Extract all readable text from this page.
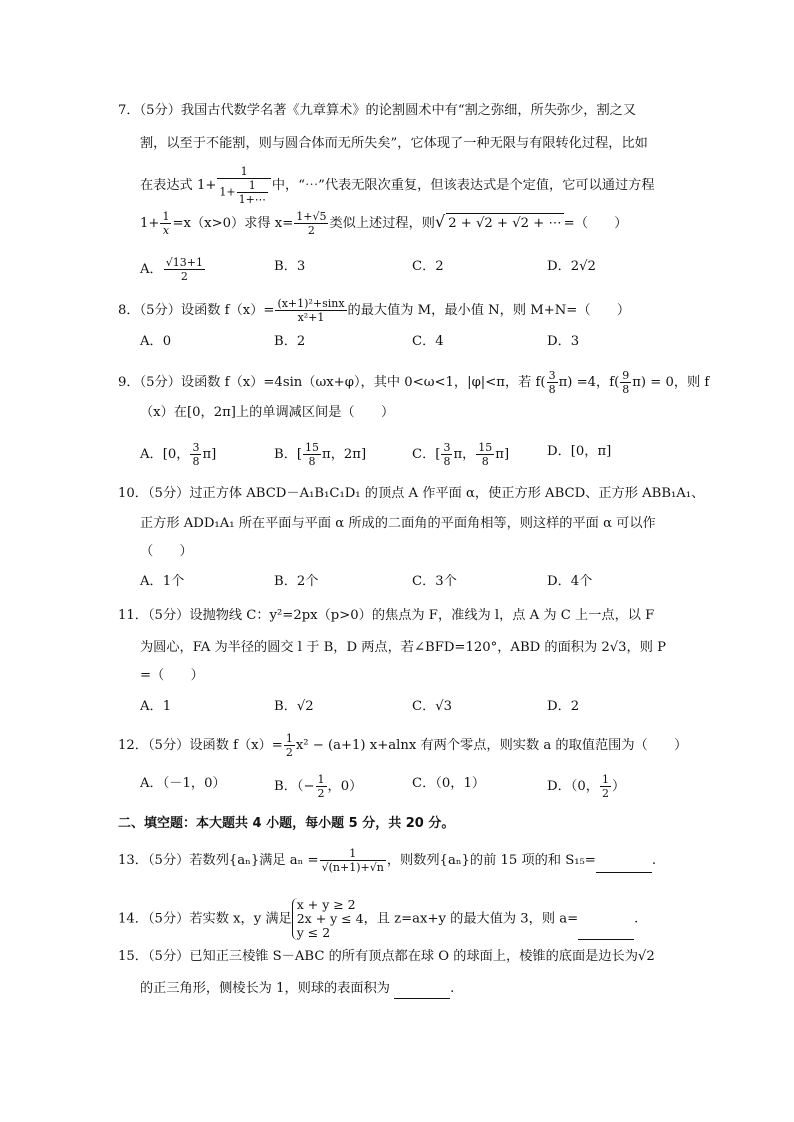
7．（5分）我国古代数学名著《九章算术》的论割圆术中有“割之弥细，所失弥少，割之又
割，以至于不能割，则与圆合体而无所失矣”，它体现了一种无限与有限转化过程，比如
在表达式 $1+ \frac{1}{1+ \frac{1}{1+\cdots}}$ 中，“⋯”代表无限次重复，但该表达式是个定值，它可以通过方程
$1+ \frac{1}{x} =x(x>0)$求得 $x= \frac{1+√5}{2}$ 类似上述过程，则√ 2 + √2 + √2 + ⋯ =（　　）
A． $\frac{√13+1}{2}$	B．3	C．2	D．2√2
8．（5分）设函数 $f(x)= \frac{\text{(x+1)²+sinx}}{\text{x²+1}}$ 的最大值为 M，最小值 N，则 M+N=（　　）
A．0	B．2	C．4	D．3
9．（5分）设函数 f（x）=4sin（ωx+φ），其中 0<ω<1，|φ|<π，若 $f( \frac{3}{8} \pi) =4$，$f( \frac{9}{8} \pi) = 0$，则 f
（x）在[0，2π]上的单调减区间是（　　）
A．[0， $\frac{3}{8} \pi$]	B．[ $\frac{15}{8}$ π，2π]	C．[ $\frac{3}{8}$ π， $\frac{15}{8} \pi$]	D．[0，π]
10．（5分）过正方体 ABCD－A₁B₁C₁D₁ 的顶点 A 作平面 α，使正方形 ABCD、正方形 ABB₁A₁、
正方形 ADD₁A₁ 所在平面与平面 α 所成的二面角的平面角相等，则这样的平面 α 可以作
（　　）
A．1个	B．2个	C．3个	D．4个
11．（5分）设抛物线 C：y²=2px（p>0）的焦点为 F，准线为 l，点 A 为 C 上一点，以 F
为圆心，FA 为半径的圆交 l 于 B，D 两点，若∠BFD=120°，ABD 的面积为 2√3，则 P
=（　　）
A．1	B．√2	C．√3	D．2
12．（5分）设函数 $f(x)= \frac{1}{2} x^2 - (a+1)$ x+alnx 有两个零点，则实数 a 的取值范围为（　　）
A．（－1，0）	B．（− $\frac{1}{2}$ ，0）	C．（0，1）	D．（0， $\frac{1}{2}$ ）
二、填空题：本大题共 4 小题，每小题 5 分，共 20 分。
13．（5分）若数列{aₙ}满足 $a_n = \frac{1}{√(n+1)+√n}$ ，则数列{aₙ}的前 15 项的和 S₁₅=	.
14．（5分）若实数 x，y 满足
x + y ≥ 2
2x + y ≤ 4
y ≤ 2
，且 z=ax+y 的最大值为 3，则 a=	.
15．（5分）已知正三棱锥 S－ABC 的所有顶点都在球 O 的球面上，棱锥的底面是边长为√2
的正三角形，侧棱长为 1，则球的表面积为	.
